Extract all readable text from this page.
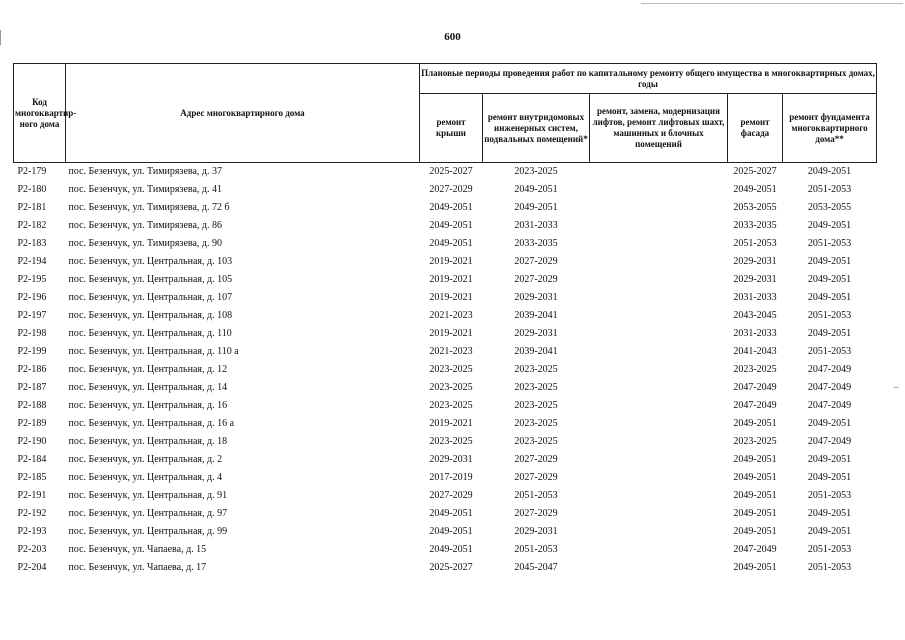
600
–
Код многоквартир-ного дома	Адрес многоквартирного дома	Плановые периоды проведения работ по капитальному ремонту общего имущества в многоквартирных домах, годы				
		ремонт крыши	ремонт внутридомовых инженерных систем, подвальных помещений*	ремонт, замена, модернизация лифтов, ремонт лифтовых шахт, машинных и блочных помещений	ремонт фасада	ремонт фундамента многоквартирного дома**
Р2-179	пос. Безенчук, ул. Тимирязева, д. 37	2025-2027	2023-2025		2025-2027	2049-2051
Р2-180	пос. Безенчук, ул. Тимирязева, д. 41	2027-2029	2049-2051		2049-2051	2051-2053
Р2-181	пос. Безенчук, ул. Тимирязева, д. 72 б	2049-2051	2049-2051		2053-2055	2053-2055
Р2-182	пос. Безенчук, ул. Тимирязева, д. 86	2049-2051	2031-2033		2033-2035	2049-2051
Р2-183	пос. Безенчук, ул. Тимирязева, д. 90	2049-2051	2033-2035		2051-2053	2051-2053
Р2-194	пос. Безенчук, ул. Центральная, д. 103	2019-2021	2027-2029		2029-2031	2049-2051
Р2-195	пос. Безенчук, ул. Центральная, д. 105	2019-2021	2027-2029		2029-2031	2049-2051
Р2-196	пос. Безенчук, ул. Центральная, д. 107	2019-2021	2029-2031		2031-2033	2049-2051
Р2-197	пос. Безенчук, ул. Центральная, д. 108	2021-2023	2039-2041		2043-2045	2051-2053
Р2-198	пос. Безенчук, ул. Центральная, д. 110	2019-2021	2029-2031		2031-2033	2049-2051
Р2-199	пос. Безенчук, ул. Центральная, д. 110 а	2021-2023	2039-2041		2041-2043	2051-2053
Р2-186	пос. Безенчук, ул. Центральная, д. 12	2023-2025	2023-2025		2023-2025	2047-2049
Р2-187	пос. Безенчук, ул. Центральная, д. 14	2023-2025	2023-2025		2047-2049	2047-2049
Р2-188	пос. Безенчук, ул. Центральная, д. 16	2023-2025	2023-2025		2047-2049	2047-2049
Р2-189	пос. Безенчук, ул. Центральная, д. 16 а	2019-2021	2023-2025		2049-2051	2049-2051
Р2-190	пос. Безенчук, ул. Центральная, д. 18	2023-2025	2023-2025		2023-2025	2047-2049
Р2-184	пос. Безенчук, ул. Центральная, д. 2	2029-2031	2027-2029		2049-2051	2049-2051
Р2-185	пос. Безенчук, ул. Центральная, д. 4	2017-2019	2027-2029		2049-2051	2049-2051
Р2-191	пос. Безенчук, ул. Центральная, д. 91	2027-2029	2051-2053		2049-2051	2051-2053
Р2-192	пос. Безенчук, ул. Центральная, д. 97	2049-2051	2027-2029		2049-2051	2049-2051
Р2-193	пос. Безенчук, ул. Центральная, д. 99	2049-2051	2029-2031		2049-2051	2049-2051
Р2-203	пос. Безенчук, ул. Чапаева, д. 15	2049-2051	2051-2053		2047-2049	2051-2053
Р2-204	пос. Безенчук, ул. Чапаева, д. 17	2025-2027	2045-2047		2049-2051	2051-2053
